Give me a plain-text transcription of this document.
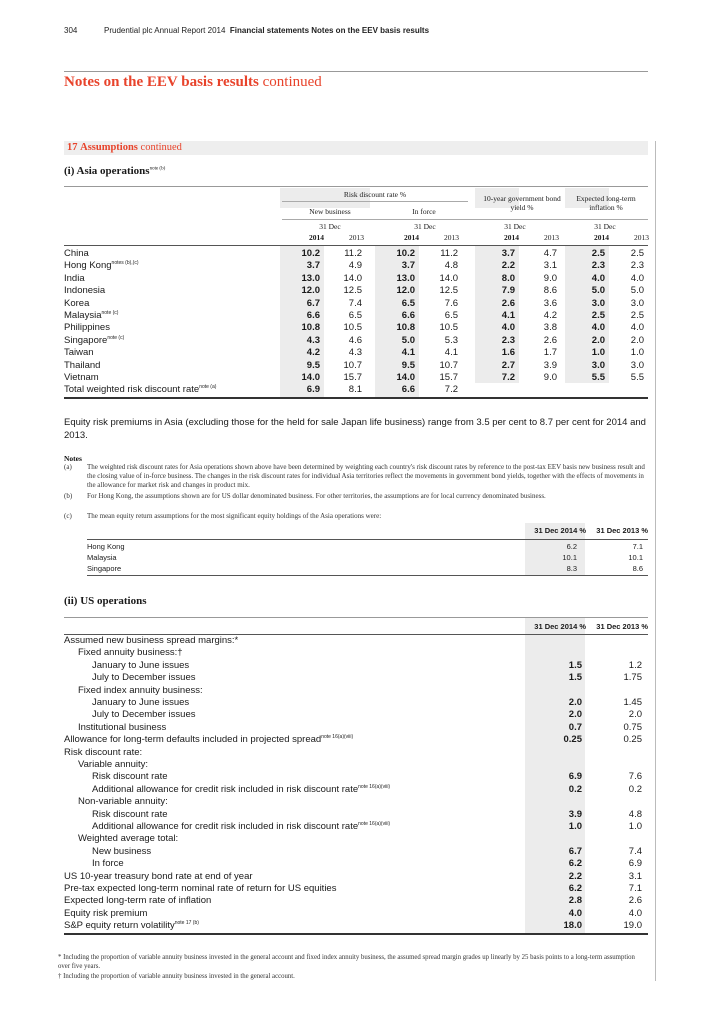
304	Prudential plc Annual Report 2014 Financial statements Notes on the EEV basis results
Notes on the EEV basis results continued
17 Assumptions continued
(i) Asia operations$^{note (b)}$
Risk discount rate %	10-year government bond yield %
Expected long-term inflation %
New business	In force
31 Dec	31 Dec	31 Dec	31 Dec
2014	2013	2014	2013	2014	2013	2014	2013
China	10.2	11.2	10.2	11.2	3.7	4.7	2.5	2.5
Hong Kong$^{notes (b),(c)}$	3.7	4.9	3.7	4.8	2.2	3.1	2.3	2.3
India	13.0	14.0	13.0	14.0	8.0	9.0	4.0	4.0
Indonesia	12.0	12.5	12.0	12.5	7.9	8.6	5.0	5.0
Korea	6.7	7.4	6.5	7.6	2.6	3.6	3.0	3.0
Malaysia$^{note (c)}$	6.6	6.5	6.6	6.5	4.1	4.2	2.5	2.5
Philippines	10.8	10.5	10.8	10.5	4.0	3.8	4.0	4.0
Singapore$^{note (c)}$	4.3	4.6	5.0	5.3	2.3	2.6	2.0	2.0
Taiwan	4.2	4.3	4.1	4.1	1.6	1.7	1.0	1.0
Thailand	9.5	10.7	9.5	10.7	2.7	3.9	3.0	3.0
Vietnam	14.0	15.7	14.0	15.7	7.2	9.0	5.5	5.5
Total weighted risk discount rate$^{note (a)}$	6.9	8.1	6.6	7.2
Equity risk premiums in Asia (excluding those for the held for sale Japan life business) range from 3.5 per cent to 8.7 per cent for 2014 and 2013.
Notes
(a) The weighted risk discount rates for Asia operations shown above have been determined by weighting each country's risk discount rates by reference to the post-tax EEV basis new business result and the closing value of in-force business. The changes in the risk discount rates for individual Asia territories reflect the movements in government bond yields, together with the effects of movements in the allowance for market risk and changes in product mix.
(b) For Hong Kong, the assumptions shown are for US dollar denominated business. For other territories, the assumptions are for local currency denominated business.
(c) The mean equity return assumptions for the most significant equity holdings of the Asia operations were:
31 Dec 2014 %	31 Dec 2013 %
Hong Kong	6.2	7.1
Malaysia	10.1	10.1
Singapore	8.3	8.6
(ii) US operations
31 Dec 2014 %	31 Dec 2013 %
Assumed new business spread margins:*
Fixed annuity business:†
January to June issues	1.5	1.2
July to December issues	1.5	1.75
Fixed index annuity business:
January to June issues	2.0	1.45
July to December issues	2.0	2.0
Institutional business	0.7	0.75
Allowance for long-term defaults included in projected spread$^{note 16(a)(viii)}$	0.25	0.25
Risk discount rate:
Variable annuity:
Risk discount rate	6.9	7.6
Additional allowance for credit risk included in risk discount rate$^{note 16(a)(viii)}$	0.2	0.2
Non-variable annuity:
Risk discount rate	3.9	4.8
Additional allowance for credit risk included in risk discount rate$^{note 16(a)(viii)}$	1.0	1.0
Weighted average total:
New business	6.7	7.4
In force	6.2	6.9
US 10-year treasury bond rate at end of year	2.2	3.1
Pre-tax expected long-term nominal rate of return for US equities	6.2	7.1
Expected long-term rate of inflation	2.8	2.6
Equity risk premium	4.0	4.0
S&P equity return volatility$^{note 17 (b)}$	18.0	19.0
* Including the proportion of variable annuity business invested in the general account and fixed index annuity business, the assumed spread margin grades up linearly by 25 basis points to a long-term assumption over five years.
† Including the proportion of variable annuity business invested in the general account.
